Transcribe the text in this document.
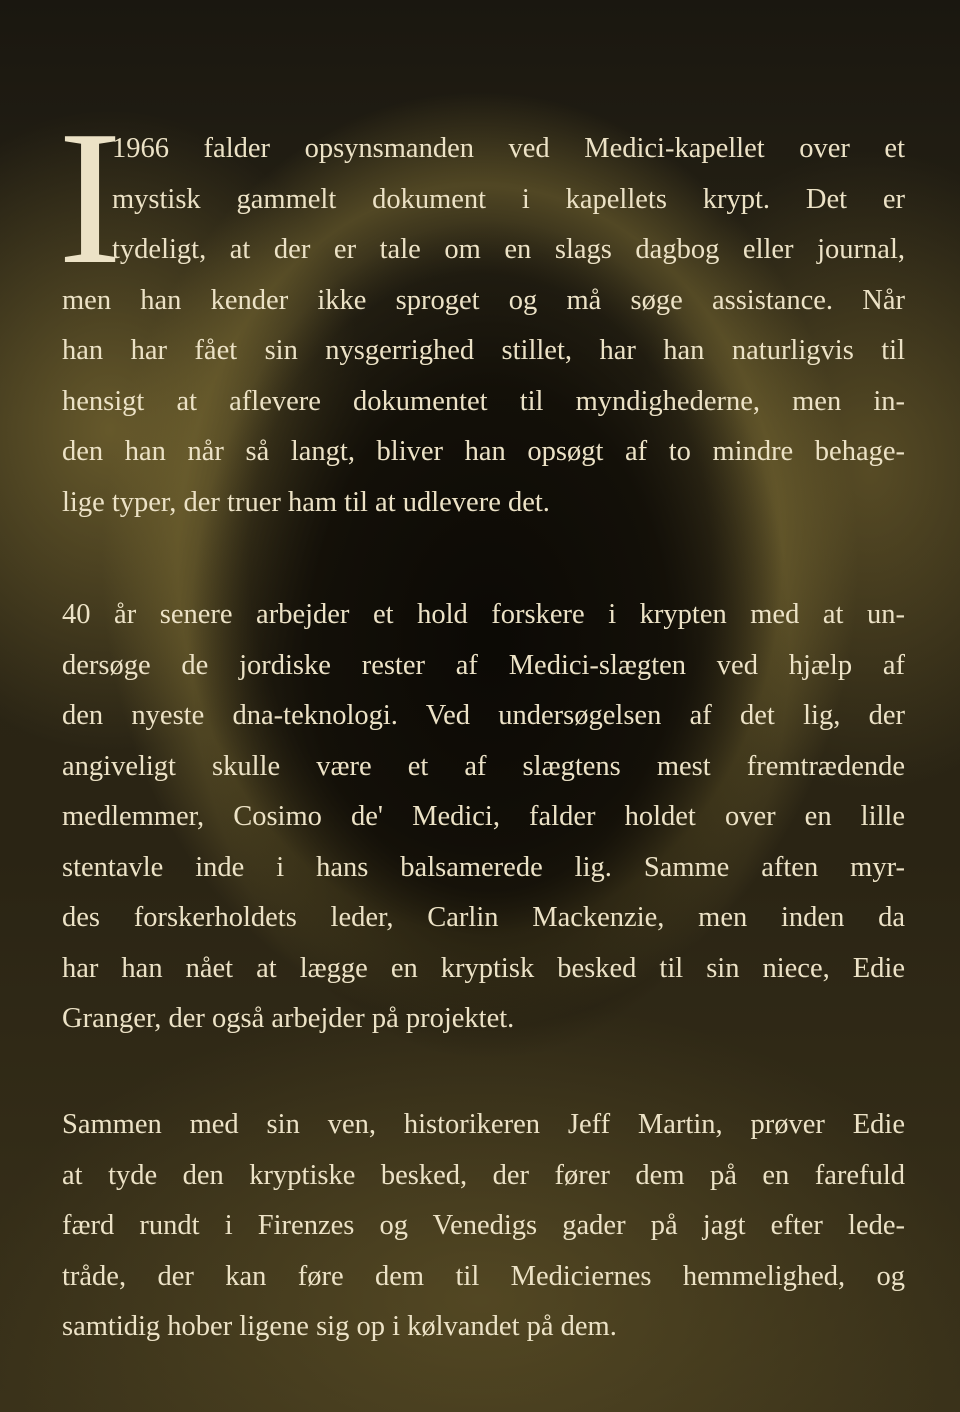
I
1966 falder opsynsmanden ved Medici-kapellet over et
mystisk gammelt dokument i kapellets krypt. Det er
tydeligt, at der er tale om en slags dagbog eller journal,
men han kender ikke sproget og må søge assistance. Når
han har fået sin nysgerrighed stillet, har han naturligvis til
hensigt at aflevere dokumentet til myndighederne, men in-
den han når så langt, bliver han opsøgt af to mindre behage-
lige typer, der truer ham til at udlevere det.
40 år senere arbejder et hold forskere i krypten med at un-
dersøge de jordiske rester af Medici-slægten ved hjælp af
den nyeste dna-teknologi. Ved undersøgelsen af det lig, der
angiveligt skulle være et af slægtens mest fremtrædende
medlemmer, Cosimo de' Medici, falder holdet over en lille
stentavle inde i hans balsamerede lig. Samme aften myr-
des forskerholdets leder, Carlin Mackenzie, men inden da
har han nået at lægge en kryptisk besked til sin niece, Edie
Granger, der også arbejder på projektet.
Sammen med sin ven, historikeren Jeff Martin, prøver Edie
at tyde den kryptiske besked, der fører dem på en farefuld
færd rundt i Firenzes og Venedigs gader på jagt efter lede-
tråde, der kan føre dem til Mediciernes hemmelighed, og
samtidig hober ligene sig op i kølvandet på dem.
